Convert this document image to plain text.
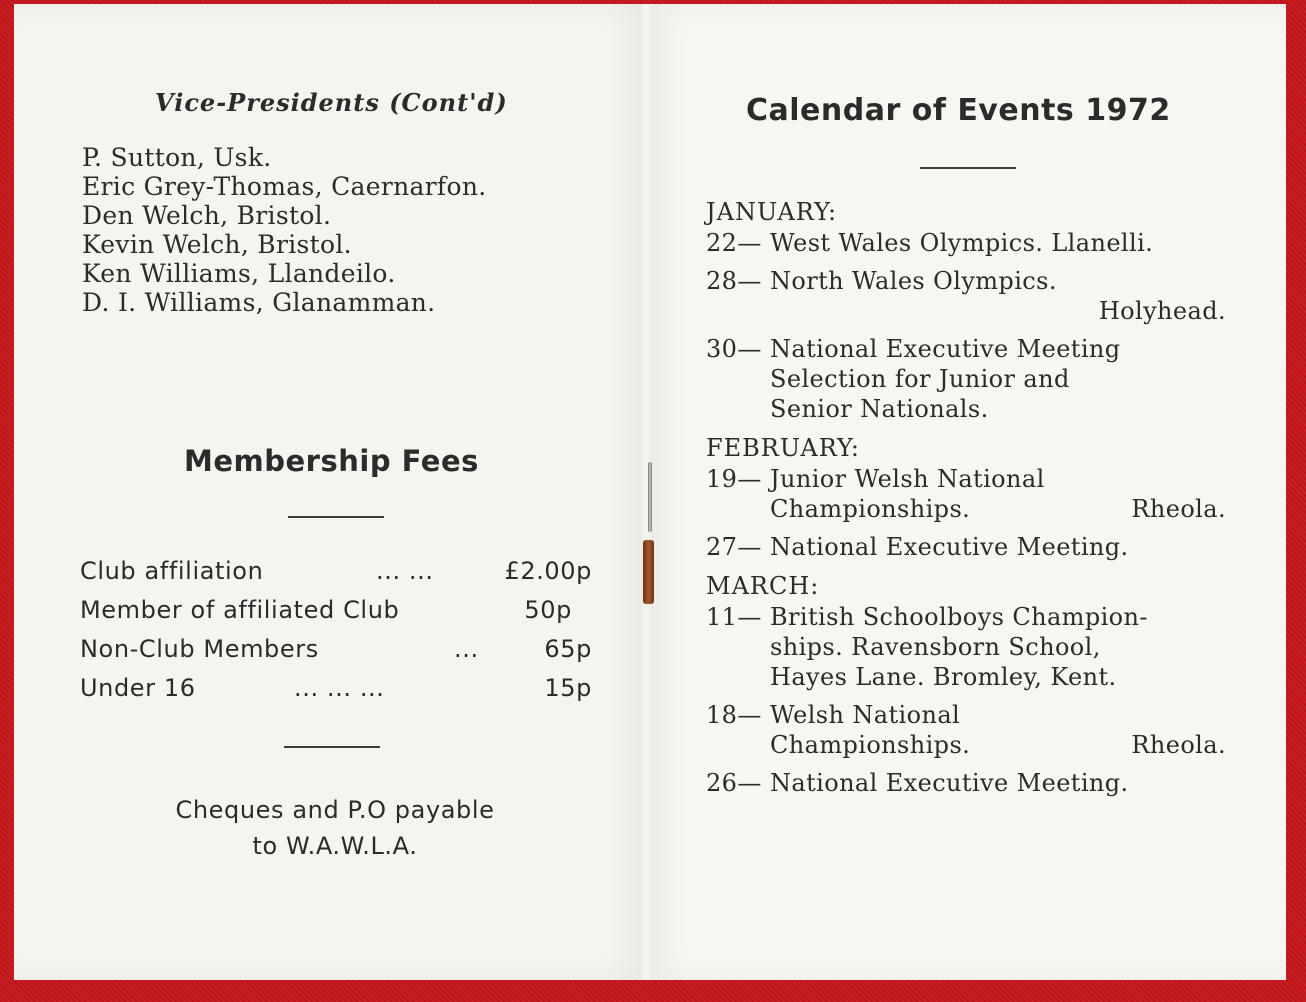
Vice-Presidents (Cont'd)
P. Sutton, Usk.
Eric Grey-Thomas, Caernarfon.
Den Welch, Bristol.
Kevin Welch, Bristol.
Ken Williams, Llandeilo.
D. I. Williams, Glanamman.
Membership Fees
Club affiliation	... ...	£2.00p
Member of affiliated Club	50p
Non-Club Members	...	65p
Under 16	... ... ...	15p
Cheques and P.O payable
to W.A.W.L.A.
Calendar of Events 1972
JANUARY:
22— West Wales Olympics. Llanelli.
28— North Wales Olympics.
Holyhead.
30— National Executive Meeting
Selection for Junior and
Senior Nationals.
FEBRUARY:
19— Junior Welsh National
Championships.	Rheola.
27— National Executive Meeting.
MARCH:
11— British Schoolboys Champion-
ships. Ravensborn School,
Hayes Lane. Bromley, Kent.
18— Welsh National
Championships.	Rheola.
26— National Executive Meeting.
